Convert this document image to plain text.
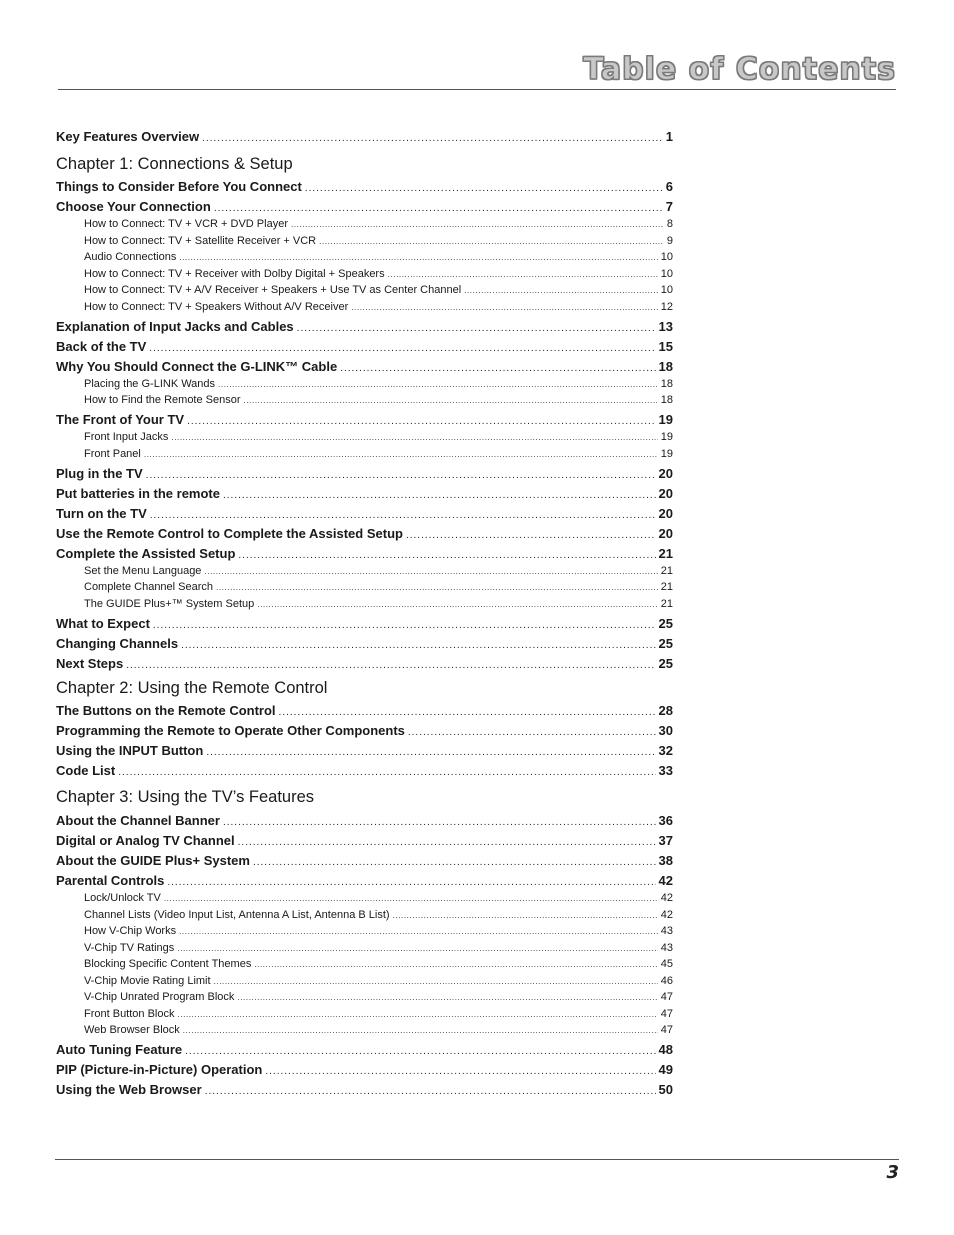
Table of Contents
Key Features Overview .....	1
Chapter 1: Connections & Setup
Things to Consider Before You Connect .....	6
Choose Your Connection .....	7
How to Connect: TV + VCR + DVD Player .....	8
How to Connect: TV + Satellite Receiver + VCR .....	9
Audio Connections .....	10
How to Connect: TV + Receiver with Dolby Digital + Speakers .....	10
How to Connect: TV + A/V Receiver + Speakers + Use TV as Center Channel .....	10
How to Connect: TV + Speakers Without A/V Receiver .....	12
Explanation of Input Jacks and Cables .....	13
Back of the TV .....	15
Why You Should Connect the G-LINK™ Cable .....	18
Placing the G-LINK Wands .....	18
How to Find the Remote Sensor .....	18
The Front of Your TV .....	19
Front Input Jacks .....	19
Front Panel .....	19
Plug in the TV .....	20
Put batteries in the remote .....	20
Turn on the TV .....	20
Use the Remote Control to Complete the Assisted Setup .....	20
Complete the Assisted Setup .....	21
Set the Menu Language .....	21
Complete Channel Search .....	21
The GUIDE Plus+™ System Setup .....	21
What to Expect .....	25
Changing Channels .....	25
Next Steps .....	25
Chapter 2: Using the Remote Control
The Buttons on the Remote Control .....	28
Programming the Remote to Operate Other Components .....	30
Using the INPUT Button .....	32
Code List .....	33
Chapter 3: Using the TV’s Features
About the Channel Banner .....	36
Digital or Analog TV Channel .....	37
About the GUIDE Plus+ System .....	38
Parental Controls .....	42
Lock/Unlock TV .....	42
Channel Lists (Video Input List, Antenna A List, Antenna B List) .....	42
How V-Chip Works .....	43
V-Chip TV Ratings .....	43
Blocking Specific Content Themes .....	45
V-Chip Movie Rating Limit .....	46
V-Chip Unrated Program Block .....	47
Front Button Block .....	47
Web Browser Block .....	47
Auto Tuning Feature .....	48
PIP (Picture-in-Picture) Operation .....	49
Using the Web Browser .....	50
3
